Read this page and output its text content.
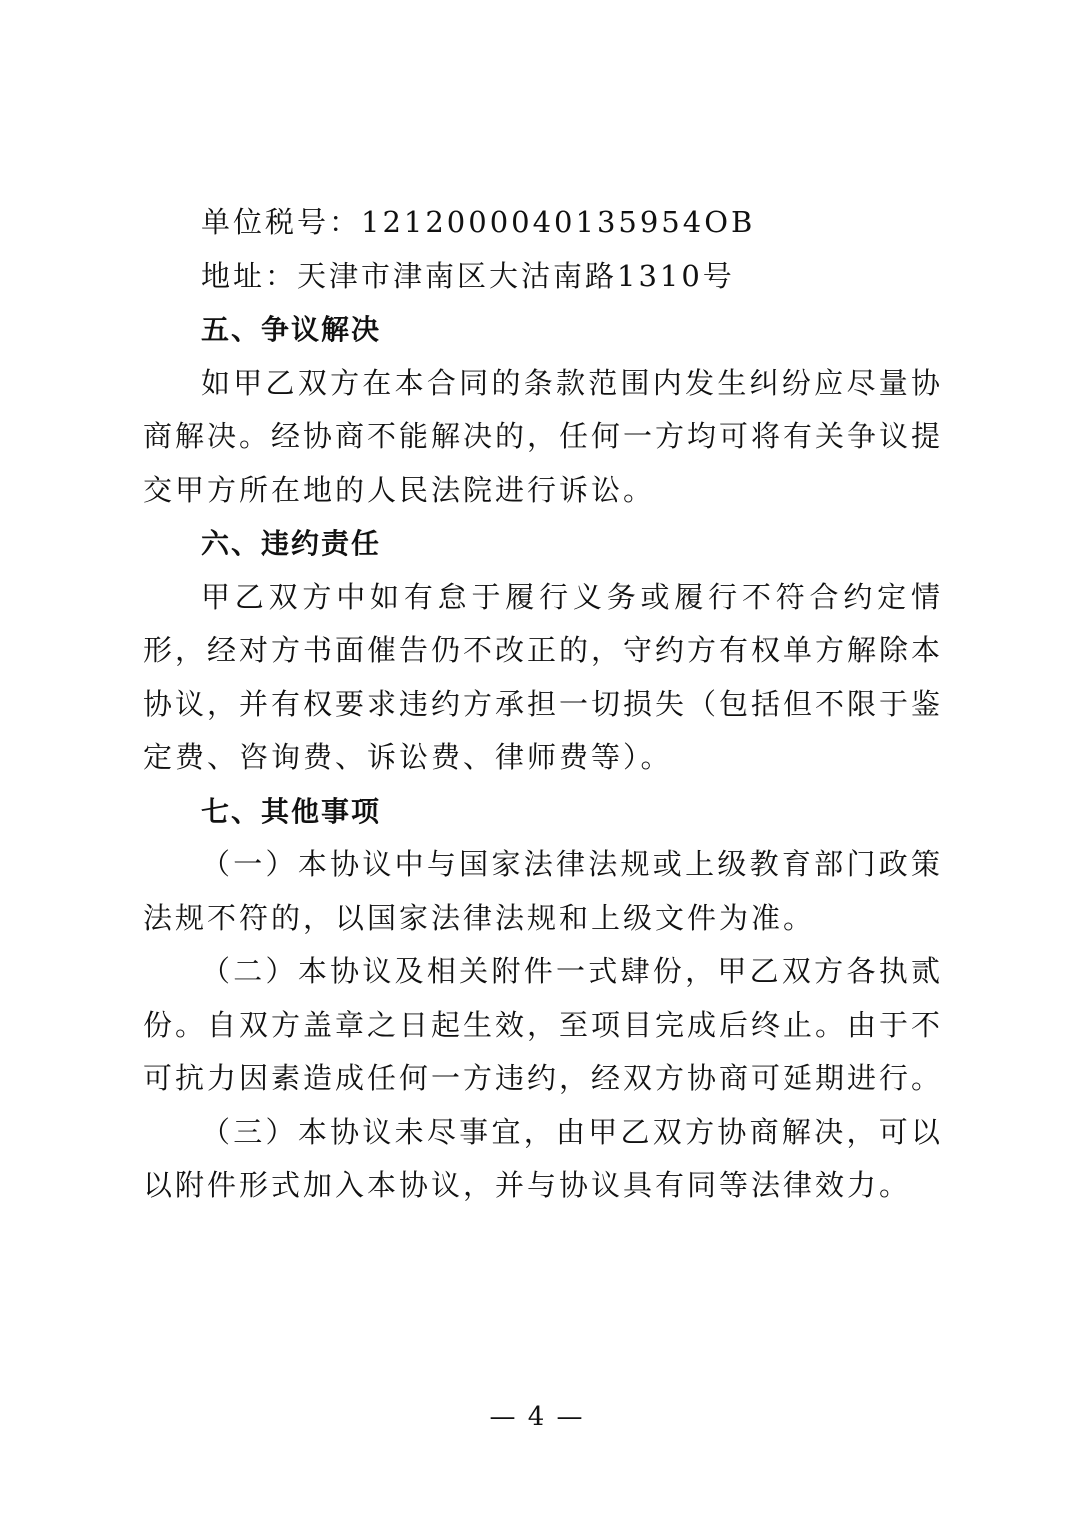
单位税号：1212000040135954OB
地址：天津市津南区大沽南路1310号
五、争议解决

如甲乙双方在本合同的条款范围内发生纠纷应尽量协商解决。经协商不能解决的，任何一方均可将有关争议提交甲方所在地的人民法院进行诉讼。

六、违约责任

甲乙双方中如有怠于履行义务或履行不符合约定情形，经对方书面催告仍不改正的，守约方有权单方解除本协议，并有权要求违约方承担一切损失（包括但不限于鉴定费、咨询费、诉讼费、律师费等）。

七、其他事项

（一）本协议中与国家法律法规或上级教育部门政策法规不符的，以国家法律法规和上级文件为准。

（二）本协议及相关附件一式肆份，甲乙双方各执贰份。自双方盖章之日起生效，至项目完成后终止。由于不可抗力因素造成任何一方违约，经双方协商可延期进行。

（三）本协议未尽事宜，由甲乙双方协商解决，可以以附件形式加入本协议，并与协议具有同等法律效力。

— 4 —
